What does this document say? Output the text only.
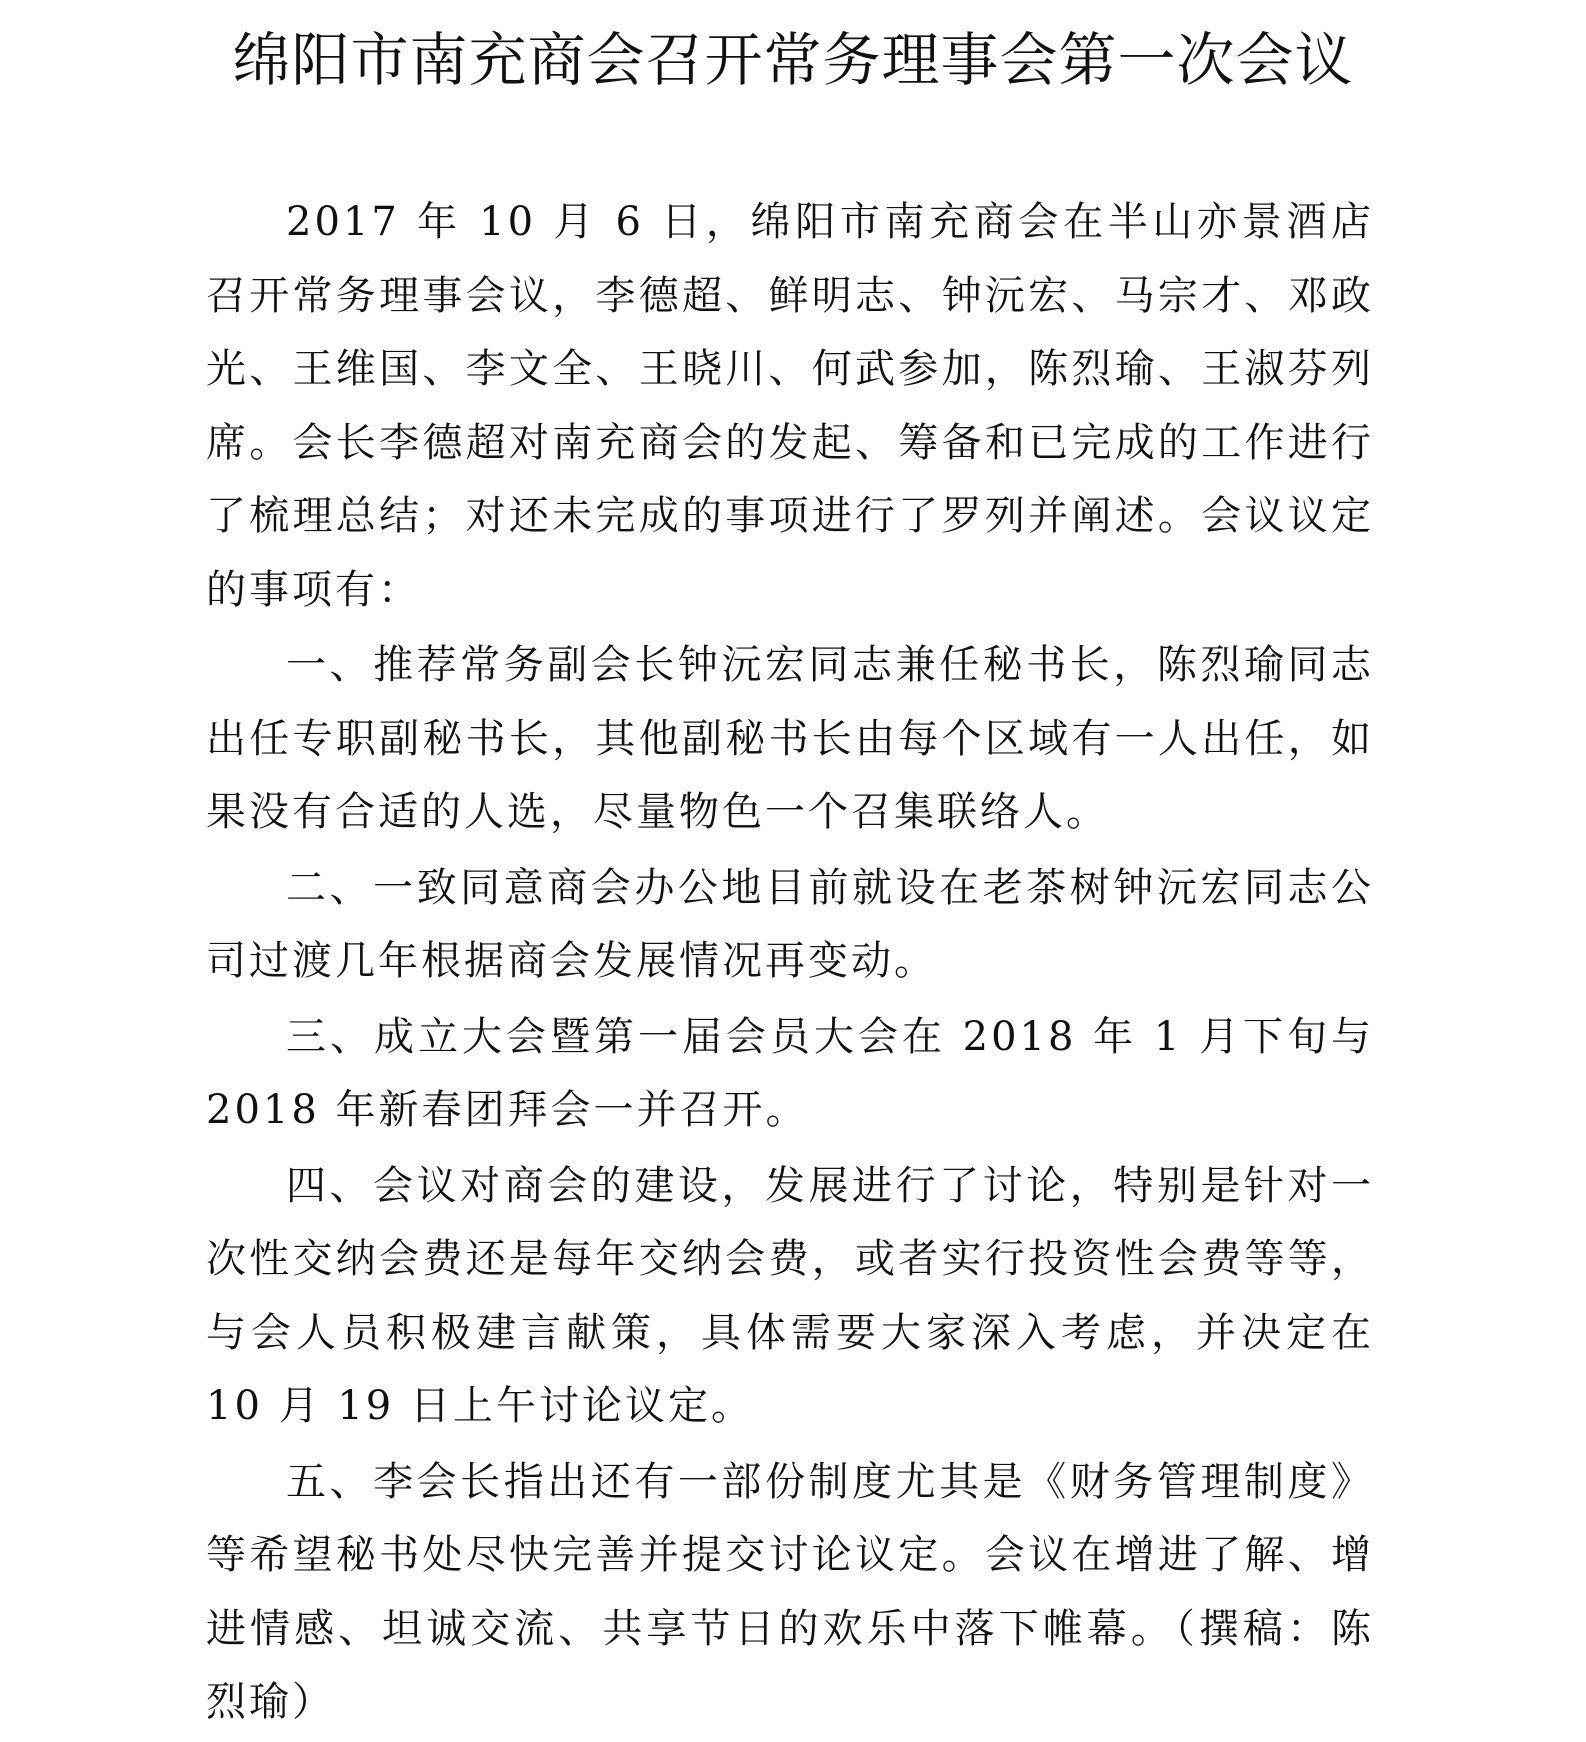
绵阳市南充商会召开常务理事会第一次会议

2017 年 10 月 6 日，绵阳市南充商会在半山亦景酒店召开常务理事会议，李德超、鲜明志、钟沅宏、马宗才、邓政光、王维国、李文全、王晓川、何武参加，陈烈瑜、王淑芬列席。会长李德超对南充商会的发起、筹备和已完成的工作进行了梳理总结；对还未完成的事项进行了罗列并阐述。会议议定的事项有：

一、推荐常务副会长钟沅宏同志兼任秘书长，陈烈瑜同志出任专职副秘书长，其他副秘书长由每个区域有一人出任，如果没有合适的人选，尽量物色一个召集联络人。

二、一致同意商会办公地目前就设在老茶树钟沅宏同志公司过渡几年根据商会发展情况再变动。

三、成立大会暨第一届会员大会在 2018 年 1 月下旬与 2018 年新春团拜会一并召开。

四、会议对商会的建设，发展进行了讨论，特别是针对一次性交纳会费还是每年交纳会费，或者实行投资性会费等等，与会人员积极建言献策，具体需要大家深入考虑，并决定在 10 月 19 日上午讨论议定。

五、李会长指出还有一部份制度尤其是《财务管理制度》等希望秘书处尽快完善并提交讨论议定。会议在增进了解、增进情感、坦诚交流、共享节日的欢乐中落下帷幕。（撰稿：陈烈瑜）
